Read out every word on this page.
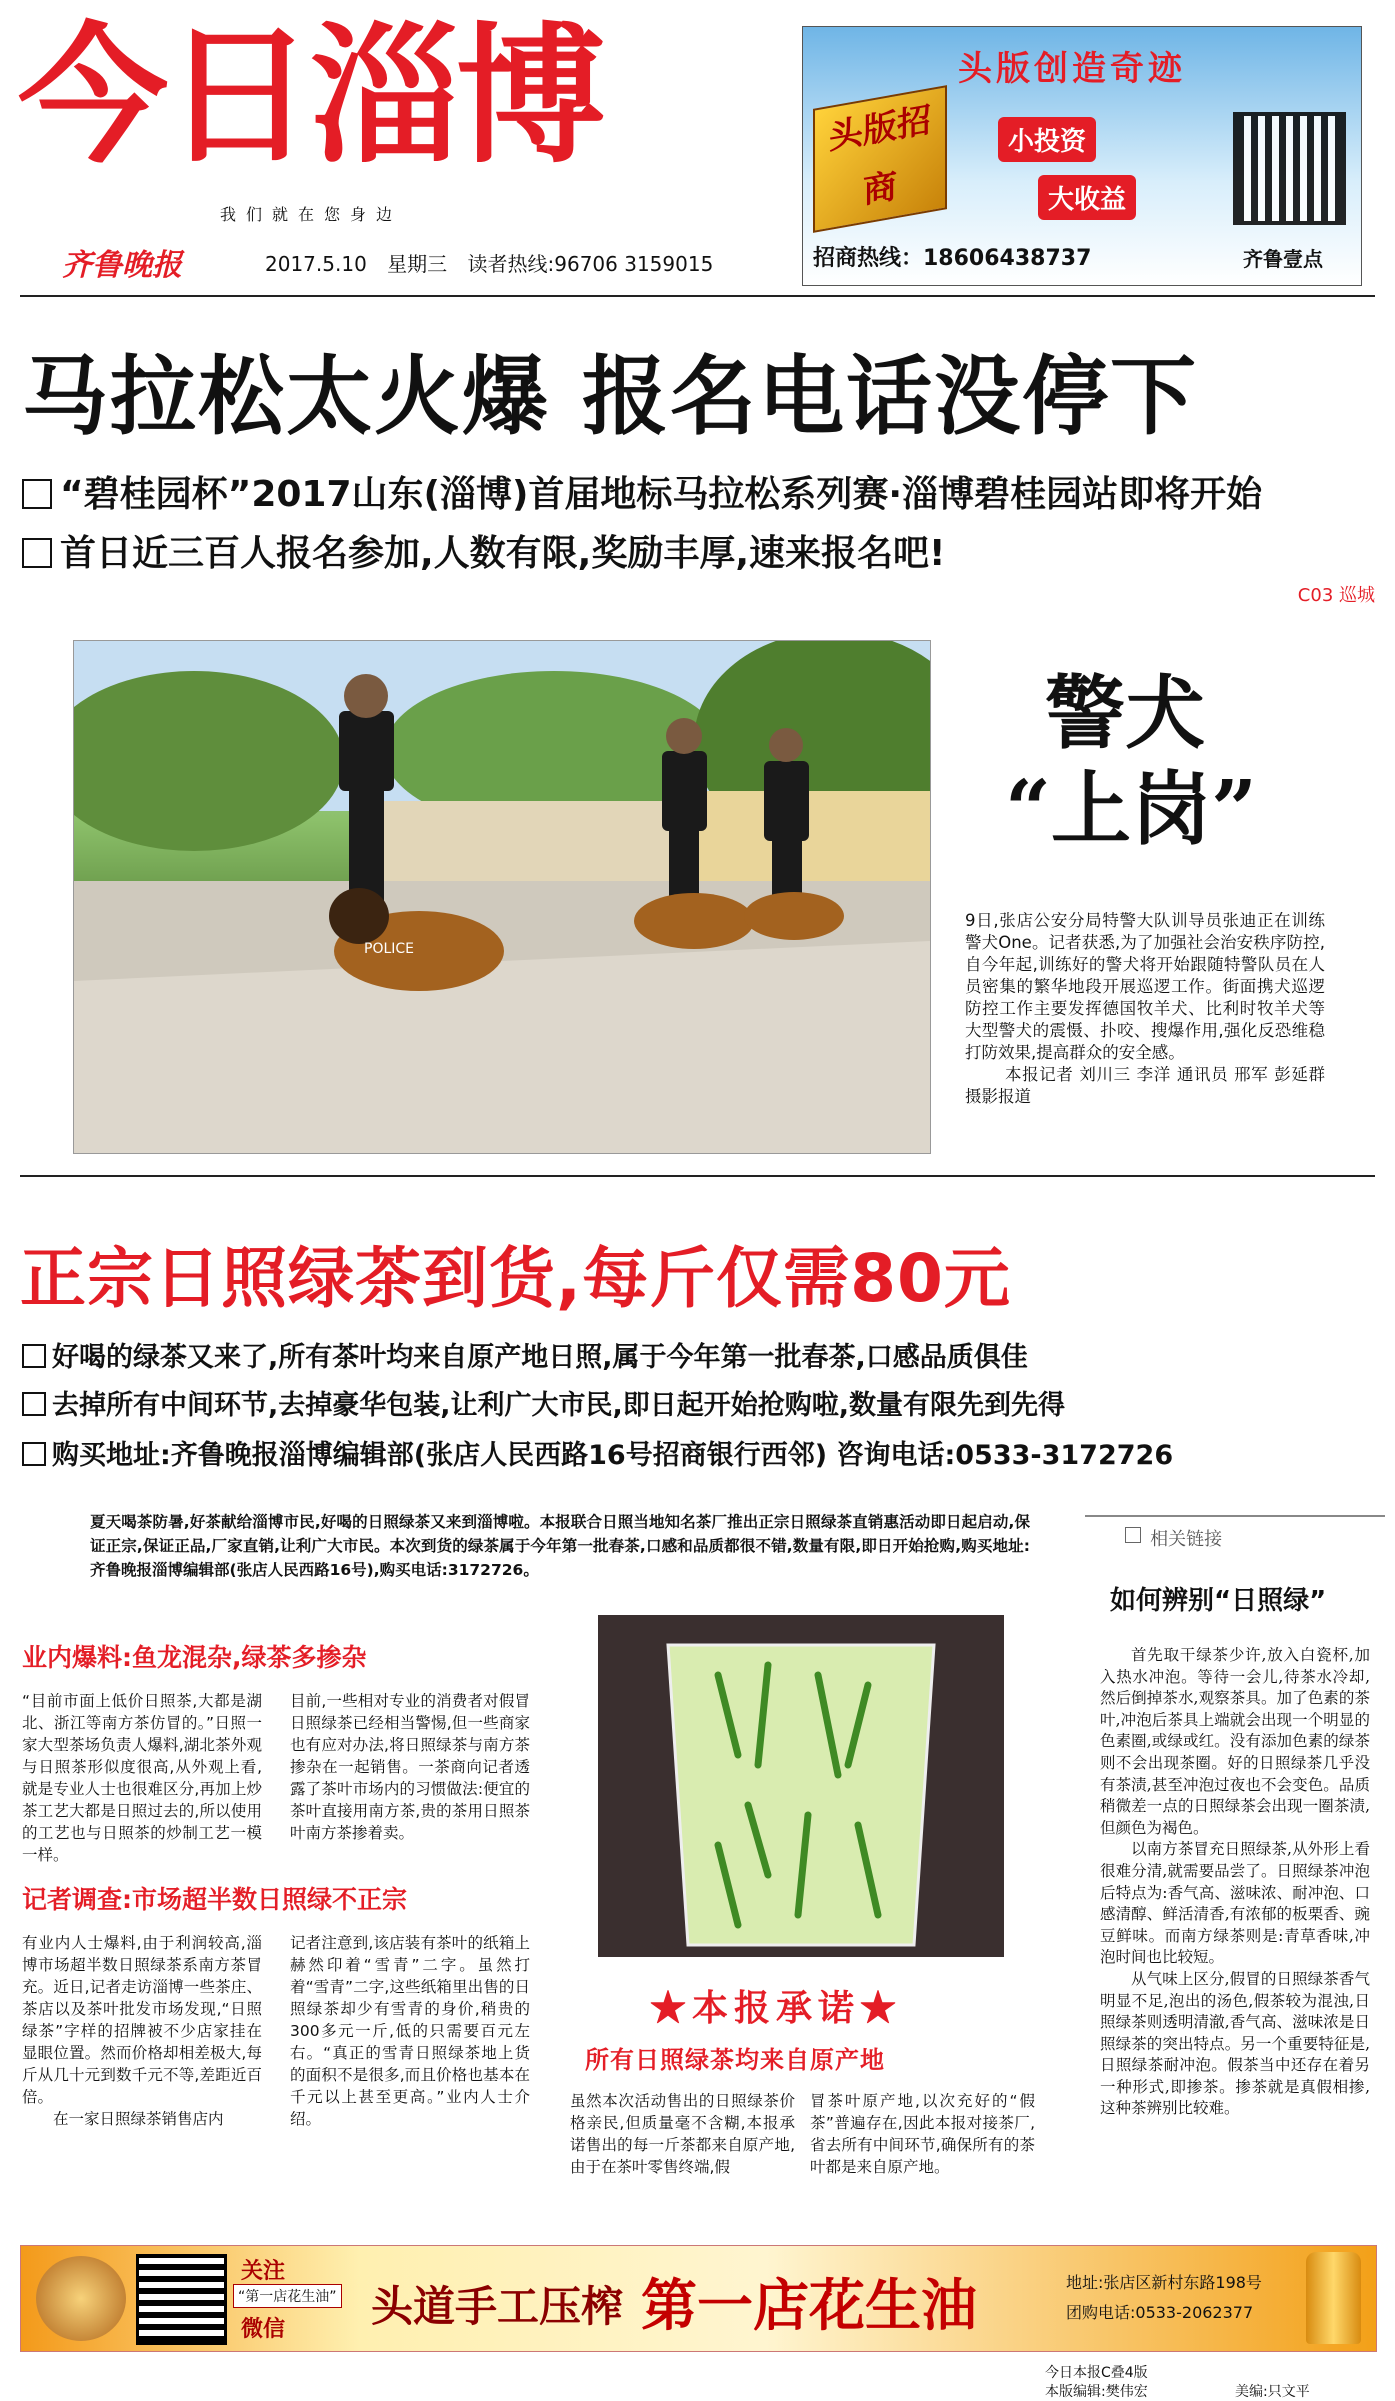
今日淄博
我们就在您身边
齐鲁晚报	2017.5.10 星期三 读者热线:96706 3159015
头版创造奇迹
头版招商
小投资
大收益
招商热线：18606438737	齐鲁壹点
马拉松太火爆 报名电话没停下
“碧桂园杯”2017山东(淄博)首届地标马拉松系列赛·淄博碧桂园站即将开始
首日近三百人报名参加,人数有限,奖励丰厚,速来报名吧!
C03 巡城
POLICE
警犬
“上岗”
9日,张店公安分局特警大队训导员张迪正在训练警犬One。记者获悉,为了加强社会治安秩序防控,自今年起,训练好的警犬将开始跟随特警队员在人员密集的繁华地段开展巡逻工作。街面携犬巡逻防控工作主要发挥德国牧羊犬、比利时牧羊犬等大型警犬的震慑、扑咬、搜爆作用,强化反恐维稳打防效果,提高群众的安全感。
本报记者 刘川三 李洋 通讯员 邢军 彭延群 摄影报道
正宗日照绿茶到货,每斤仅需80元
好喝的绿茶又来了,所有茶叶均来自原产地日照,属于今年第一批春茶,口感品质俱佳
去掉所有中间环节,去掉豪华包装,让利广大市民,即日起开始抢购啦,数量有限先到先得
购买地址:齐鲁晚报淄博编辑部(张店人民西路16号招商银行西邻) 咨询电话:0533-3172726
夏天喝茶防暑,好茶献给淄博市民,好喝的日照绿茶又来到淄博啦。本报联合日照当地知名茶厂推出正宗日照绿茶直销惠活动即日起启动,保证正宗,保证正品,厂家直销,让利广大市民。本次到货的绿茶属于今年第一批春茶,口感和品质都很不错,数量有限,即日开始抢购,购买地址:齐鲁晚报淄博编辑部(张店人民西路16号),购买电话:3172726。
业内爆料:鱼龙混杂,绿茶多掺杂
“目前市面上低价日照茶,大都是湖北、浙江等南方茶仿冒的。”日照一家大型茶场负责人爆料,湖北茶外观与日照茶形似度很高,从外观上看,就是专业人士也很难区分,再加上炒茶工艺大都是日照过去的,所以使用的工艺也与日照茶的炒制工艺一模一样。
目前,一些相对专业的消费者对假冒日照绿茶已经相当警惕,但一些商家也有应对办法,将日照绿茶与南方茶掺杂在一起销售。一茶商向记者透露了茶叶市场内的习惯做法:便宜的茶叶直接用南方茶,贵的茶用日照茶叶南方茶掺着卖。
记者调查:市场超半数日照绿不正宗
有业内人士爆料,由于利润较高,淄博市场超半数日照绿茶系南方茶冒充。近日,记者走访淄博一些茶庄、茶店以及茶叶批发市场发现,“日照绿茶”字样的招牌被不少店家挂在显眼位置。然而价格却相差极大,每斤从几十元到数千元不等,差距近百倍。
在一家日照绿茶销售店内
记者注意到,该店装有茶叶的纸箱上赫然印着“雪青”二字。虽然打着“雪青”二字,这些纸箱里出售的日照绿茶却少有雪青的身价,稍贵的300多元一斤,低的只需要百元左右。“真正的雪青日照绿茶地上货的面积不是很多,而且价格也基本在千元以上甚至更高。”业内人士介绍。
★本报承诺★
所有日照绿茶均来自原产地
虽然本次活动售出的日照绿茶价格亲民,但质量毫不含糊,本报承诺售出的每一斤茶都来自原产地,由于在茶叶零售终端,假
冒茶叶原产地,以次充好的“假茶”普遍存在,因此本报对接茶厂,省去所有中间环节,确保所有的茶叶都是来自原产地。
相关链接
如何辨别“日照绿”
首先取干绿茶少许,放入白瓷杯,加入热水冲泡。等待一会儿,待茶水冷却,然后倒掉茶水,观察茶具。加了色素的茶叶,冲泡后茶具上端就会出现一个明显的色素圈,或绿或红。没有添加色素的绿茶则不会出现茶圈。好的日照绿茶几乎没有茶渍,甚至冲泡过夜也不会变色。品质稍微差一点的日照绿茶会出现一圈茶渍,但颜色为褐色。
以南方茶冒充日照绿茶,从外形上看很难分清,就需要品尝了。日照绿茶冲泡后特点为:香气高、滋味浓、耐冲泡、口感清醇、鲜活清香,有浓郁的板栗香、豌豆鲜味。而南方绿茶则是:青草香味,冲泡时间也比较短。
从气味上区分,假冒的日照绿茶香气明显不足,泡出的汤色,假茶较为混浊,日照绿茶则透明清澈,香气高、滋味浓是日照绿茶的突出特点。另一个重要特征是,日照绿茶耐冲泡。假茶当中还存在着另一种形式,即掺茶。掺茶就是真假相掺,这种茶辨别比较难。
关注
“第一店花生油”
微信 头道手工压榨 第一店花生油	地址:张店区新村东路198号
团购电话:0533-2062377
今日本报C叠4版
本版编辑:樊伟宏	美编:只文平
